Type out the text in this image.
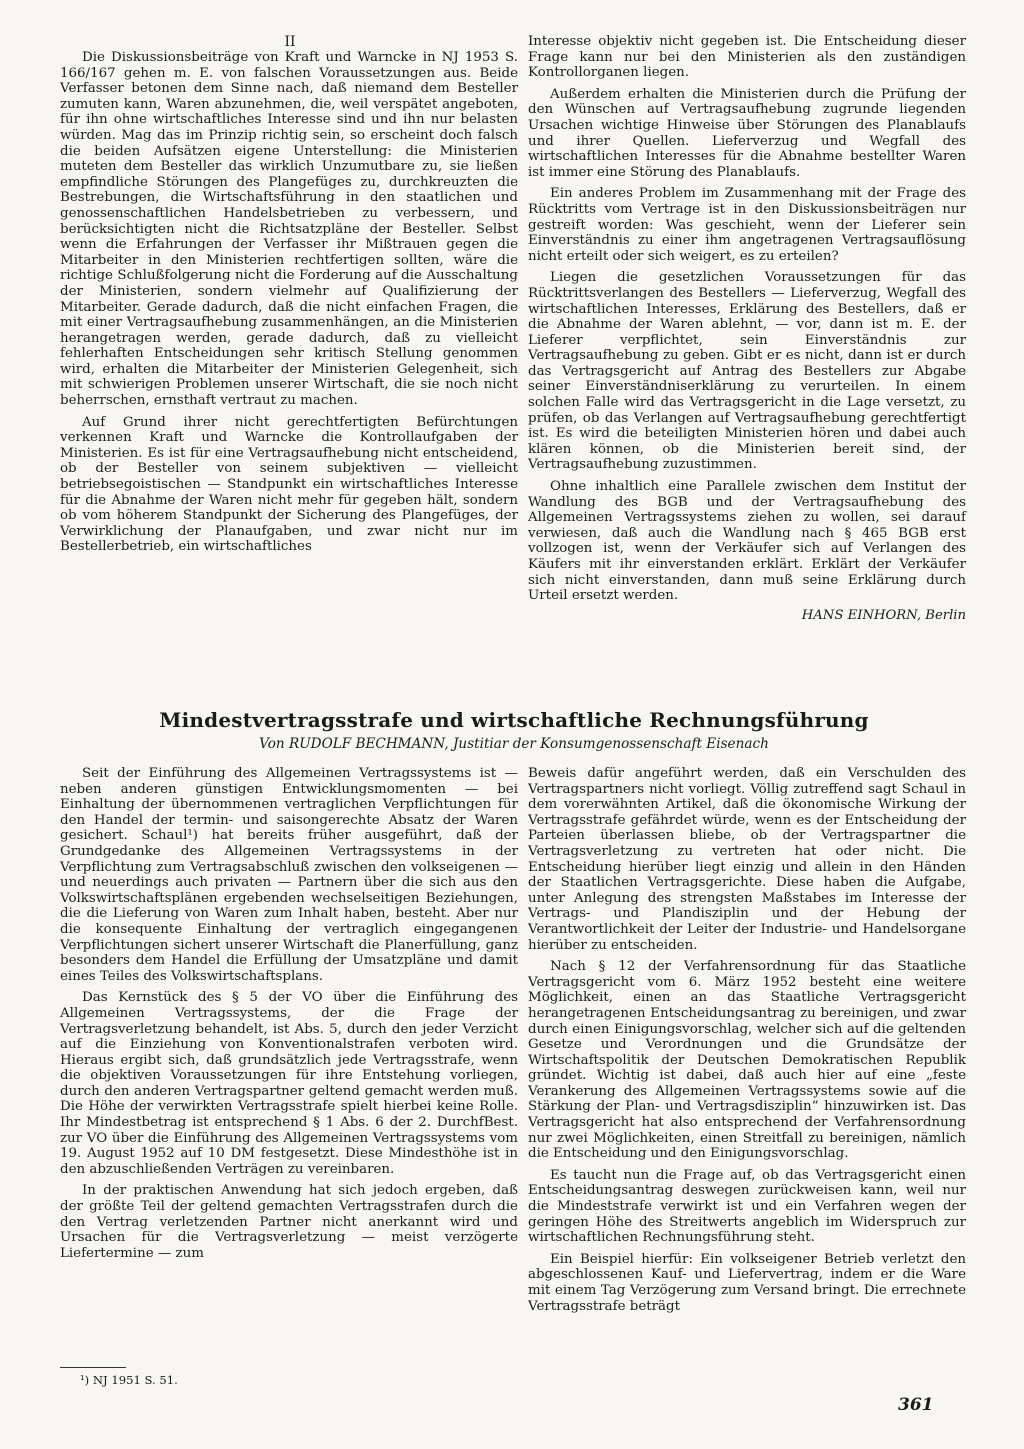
II

Die Diskussionsbeiträge von Kraft und Warncke in NJ 1953 S. 166/167 gehen m. E. von falschen Voraussetzungen aus. Beide Verfasser betonen dem Sinne nach, daß niemand dem Besteller zumuten kann, Waren abzunehmen, die, weil verspätet angeboten, für ihn ohne wirtschaftliches Interesse sind und ihn nur belasten würden. Mag das im Prinzip richtig sein, so erscheint doch falsch die beiden Aufsätzen eigene Unterstellung: die Ministerien muteten dem Besteller das wirklich Unzumutbare zu, sie ließen empfindliche Störungen des Plangefüges zu, durchkreuzten die Bestrebungen, die Wirtschaftsführung in den staatlichen und genossenschaftlichen Handelsbetrieben zu verbessern, und berücksichtigten nicht die Richtsatzpläne der Besteller. Selbst wenn die Erfahrungen der Verfasser ihr Mißtrauen gegen die Mitarbeiter in den Ministerien rechtfertigen sollten, wäre die richtige Schlußfolgerung nicht die Forderung auf die Ausschaltung der Ministerien, sondern vielmehr auf Qualifizierung der Mitarbeiter. Gerade dadurch, daß die nicht einfachen Fragen, die mit einer Vertragsaufhebung zusammenhängen, an die Ministerien herangetragen werden, gerade dadurch, daß zu vielleicht fehlerhaften Entscheidungen sehr kritisch Stellung genommen wird, erhalten die Mitarbeiter der Ministerien Gelegenheit, sich mit schwierigen Problemen unserer Wirtschaft, die sie noch nicht beherrschen, ernsthaft vertraut zu machen.

Auf Grund ihrer nicht gerechtfertigten Befürchtungen verkennen Kraft und Warncke die Kontrollaufgaben der Ministerien. Es ist für eine Vertragsaufhebung nicht entscheidend, ob der Besteller von seinem subjektiven — vielleicht betriebsegoistischen — Standpunkt ein wirtschaftliches Interesse für die Abnahme der Waren nicht mehr für gegeben hält, sondern ob vom höherem Standpunkt der Sicherung des Plangefüges, der Verwirklichung der Planaufgaben, und zwar nicht nur im Bestellerbetrieb, ein wirtschaftliches

Interesse objektiv nicht gegeben ist. Die Entscheidung dieser Frage kann nur bei den Ministerien als den zuständigen Kontrollorganen liegen.

Außerdem erhalten die Ministerien durch die Prüfung der den Wünschen auf Vertragsaufhebung zugrunde liegenden Ursachen wichtige Hinweise über Störungen des Planablaufs und ihrer Quellen. Lieferverzug und Wegfall des wirtschaftlichen Interesses für die Abnahme bestellter Waren ist immer eine Störung des Planablaufs.

Ein anderes Problem im Zusammenhang mit der Frage des Rücktritts vom Vertrage ist in den Diskussionsbeiträgen nur gestreift worden: Was geschieht, wenn der Lieferer sein Einverständnis zu einer ihm angetragenen Vertragsauflösung nicht erteilt oder sich weigert, es zu erteilen?

Liegen die gesetzlichen Voraussetzungen für das Rücktrittsverlangen des Bestellers — Lieferverzug, Wegfall des wirtschaftlichen Interesses, Erklärung des Bestellers, daß er die Abnahme der Waren ablehnt, — vor, dann ist m. E. der Lieferer verpflichtet, sein Einverständnis zur Vertragsaufhebung zu geben. Gibt er es nicht, dann ist er durch das Vertragsgericht auf Antrag des Bestellers zur Abgabe seiner Einverständniserklärung zu verurteilen. In einem solchen Falle wird das Vertragsgericht in die Lage versetzt, zu prüfen, ob das Verlangen auf Vertragsaufhebung gerechtfertigt ist. Es wird die beteiligten Ministerien hören und dabei auch klären können, ob die Ministerien bereit sind, der Vertragsaufhebung zuzustimmen.

Ohne inhaltlich eine Parallele zwischen dem Institut der Wandlung des BGB und der Vertragsaufhebung des Allgemeinen Vertragssystems ziehen zu wollen, sei darauf verwiesen, daß auch die Wandlung nach § 465 BGB erst vollzogen ist, wenn der Verkäufer sich auf Verlangen des Käufers mit ihr einverstanden erklärt. Erklärt der Verkäufer sich nicht einverstanden, dann muß seine Erklärung durch Urteil ersetzt werden.

HANS EINHORN, Berlin
Mindestvertragsstrafe und wirtschaftliche Rechnungsführung
Von RUDOLF BECHMANN, Justitiar der Konsumgenossenschaft Eisenach

Seit der Einführung des Allgemeinen Vertragssystems ist — neben anderen günstigen Entwicklungsmomenten — bei Einhaltung der übernommenen vertraglichen Verpflichtungen für den Handel der termin- und saisongerechte Absatz der Waren gesichert. Schaul¹) hat bereits früher ausgeführt, daß der Grundgedanke des Allgemeinen Vertragssystems in der Verpflichtung zum Vertragsabschluß zwischen den volkseigenen — und neuerdings auch privaten — Partnern über die sich aus den Volkswirtschaftsplänen ergebenden wechselseitigen Beziehungen, die die Lieferung von Waren zum Inhalt haben, besteht. Aber nur die konsequente Einhaltung der vertraglich eingegangenen Verpflichtungen sichert unserer Wirtschaft die Planerfüllung, ganz besonders dem Handel die Erfüllung der Umsatzpläne und damit eines Teiles des Volkswirtschaftsplans.

Das Kernstück des § 5 der VO über die Einführung des Allgemeinen Vertragssystems, der die Frage der Vertragsverletzung behandelt, ist Abs. 5, durch den jeder Verzicht auf die Einziehung von Konventionalstrafen verboten wird. Hieraus ergibt sich, daß grundsätzlich jede Vertragsstrafe, wenn die objektiven Voraussetzungen für ihre Entstehung vorliegen, durch den anderen Vertragspartner geltend gemacht werden muß. Die Höhe der verwirkten Vertragsstrafe spielt hierbei keine Rolle. Ihr Mindestbetrag ist entsprechend § 1 Abs. 6 der 2. DurchfBest. zur VO über die Einführung des Allgemeinen Vertragssystems vom 19. August 1952 auf 10 DM festgesetzt. Diese Mindesthöhe ist in den abzuschließenden Verträgen zu vereinbaren.

In der praktischen Anwendung hat sich jedoch ergeben, daß der größte Teil der geltend gemachten Vertragsstrafen durch die den Vertrag verletzenden Partner nicht anerkannt wird und Ursachen für die Vertragsverletzung — meist verzögerte Liefertermine — zum

Beweis dafür angeführt werden, daß ein Verschulden des Vertragspartners nicht vorliegt. Völlig zutreffend sagt Schaul in dem vorerwähnten Artikel, daß die ökonomische Wirkung der Vertragsstrafe gefährdet würde, wenn es der Entscheidung der Parteien überlassen bliebe, ob der Vertragspartner die Vertragsverletzung zu vertreten hat oder nicht. Die Entscheidung hierüber liegt einzig und allein in den Händen der Staatlichen Vertragsgerichte. Diese haben die Aufgabe, unter Anlegung des strengsten Maßstabes im Interesse der Vertrags- und Plandisziplin und der Hebung der Verantwortlichkeit der Leiter der Industrie- und Handelsorgane hierüber zu entscheiden.

Nach § 12 der Verfahrensordnung für das Staatliche Vertragsgericht vom 6. März 1952 besteht eine weitere Möglichkeit, einen an das Staatliche Vertragsgericht herangetragenen Entscheidungsantrag zu bereinigen, und zwar durch einen Einigungsvorschlag, welcher sich auf die geltenden Gesetze und Verordnungen und die Grundsätze der Wirtschaftspolitik der Deutschen Demokratischen Republik gründet. Wichtig ist dabei, daß auch hier auf eine „feste Verankerung des Allgemeinen Vertragssystems sowie auf die Stärkung der Plan- und Vertragsdisziplin“ hinzuwirken ist. Das Vertragsgericht hat also entsprechend der Verfahrensordnung nur zwei Möglichkeiten, einen Streitfall zu bereinigen, nämlich die Entscheidung und den Einigungsvorschlag.

Es taucht nun die Frage auf, ob das Vertragsgericht einen Entscheidungsantrag deswegen zurückweisen kann, weil nur die Mindeststrafe verwirkt ist und ein Verfahren wegen der geringen Höhe des Streitwerts angeblich im Widerspruch zur wirtschaftlichen Rechnungsführung steht.

Ein Beispiel hierfür: Ein volkseigener Betrieb verletzt den abgeschlossenen Kauf- und Liefervertrag, indem er die Ware mit einem Tag Verzögerung zum Versand bringt. Die errechnete Vertragsstrafe beträgt

¹) NJ 1951 S. 51.
361
